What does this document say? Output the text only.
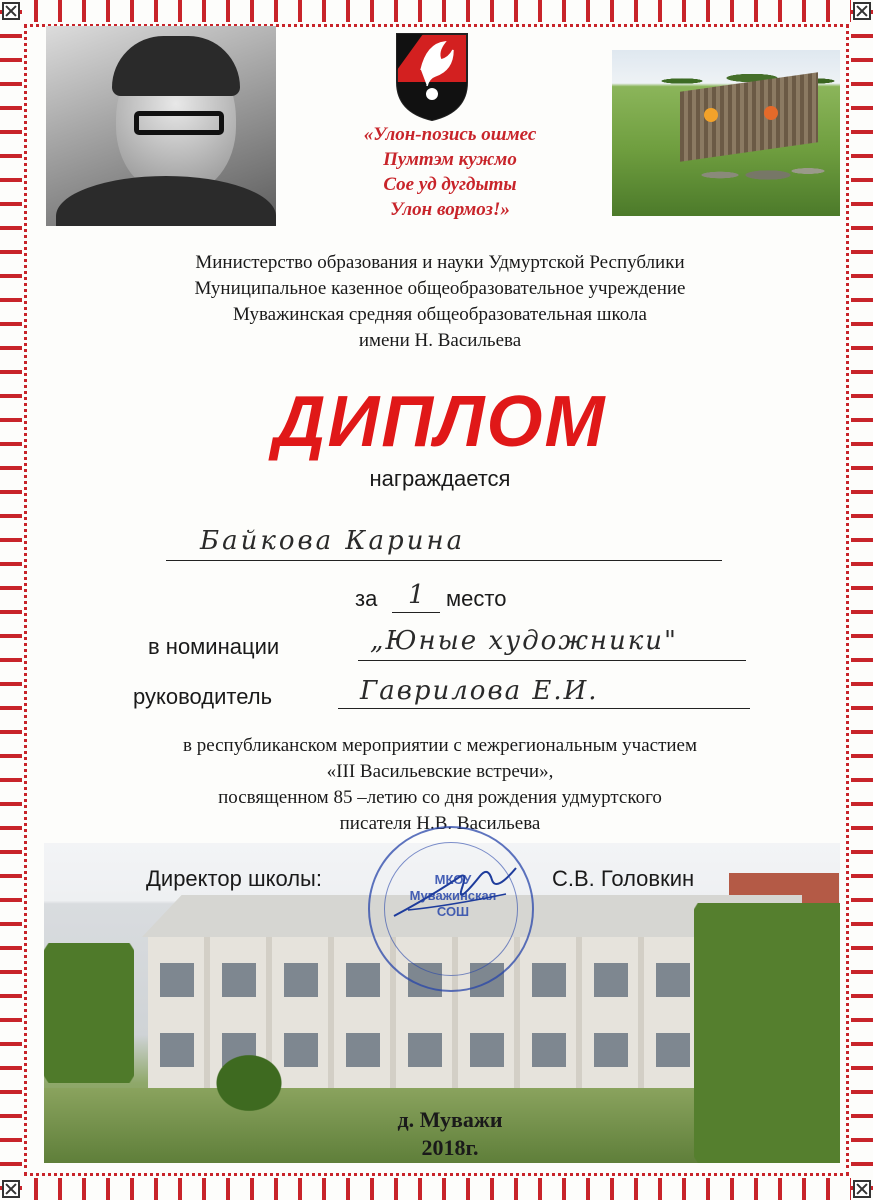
«Улон-позись ошмес
Пумтэм кужмо
Сое уд дугдыты
Улон вормоз!»
Министерство образования и науки Удмуртской Республики
Муниципальное казенное общеобразовательное учреждение
Муважинская средняя общеобразовательная школа
имени Н. Васильева
ДИПЛОМ
награждается
Байкова Карина
за 1 место
в номинации	„Юные художники"
руководитель	Гаврилова Е.И.
в республиканском мероприятии с межрегиональным участием
«III Васильевские встречи»,
посвященном 85 –летию со дня рождения удмуртского
писателя Н.В. Васильева
Директор школы:	С.В. Головкин
МКОУ
Муважинская
СОШ
д. Муважи
2018г.
